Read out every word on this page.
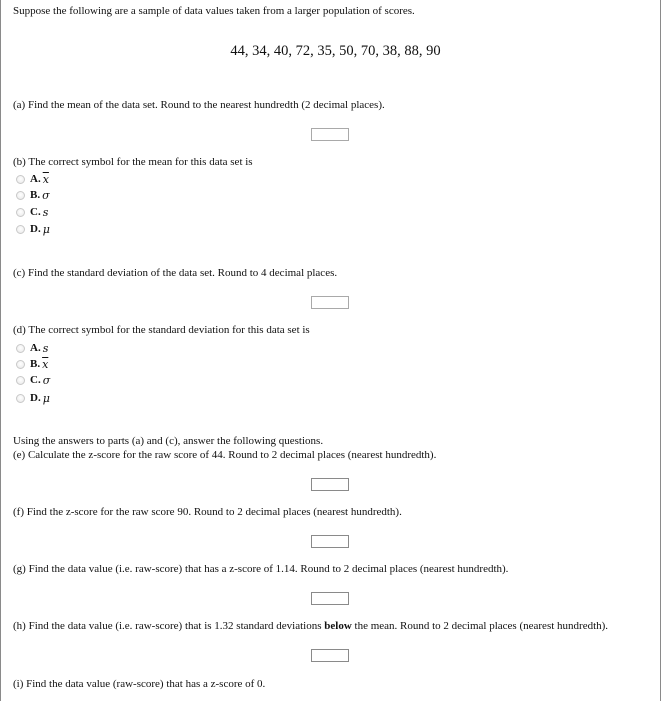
Suppose the following are a sample of data values taken from a larger population of scores.
44, 34, 40, 72, 35, 50, 70, 38, 88, 90
(a) Find the mean of the data set. Round to the nearest hundredth (2 decimal places).
(b) The correct symbol for the mean for this data set is
A. $\overline{x}$
B. σ
C. s
D. μ
(c) Find the standard deviation of the data set. Round to 4 decimal places.
(d) The correct symbol for the standard deviation for this data set is
A. s
B. $\overline{x}$
C. σ
D. μ
Using the answers to parts (a) and (c), answer the following questions.
(e) Calculate the z-score for the raw score of 44. Round to 2 decimal places (nearest hundredth).
(f) Find the z-score for the raw score 90. Round to 2 decimal places (nearest hundredth).
(g) Find the data value (i.e. raw-score) that has a z-score of 1.14. Round to 2 decimal places (nearest hundredth).
(h) Find the data value (i.e. raw-score) that is 1.32 standard deviations below the mean. Round to 2 decimal places (nearest hundredth).
(i) Find the data value (raw-score) that has a z-score of 0.
